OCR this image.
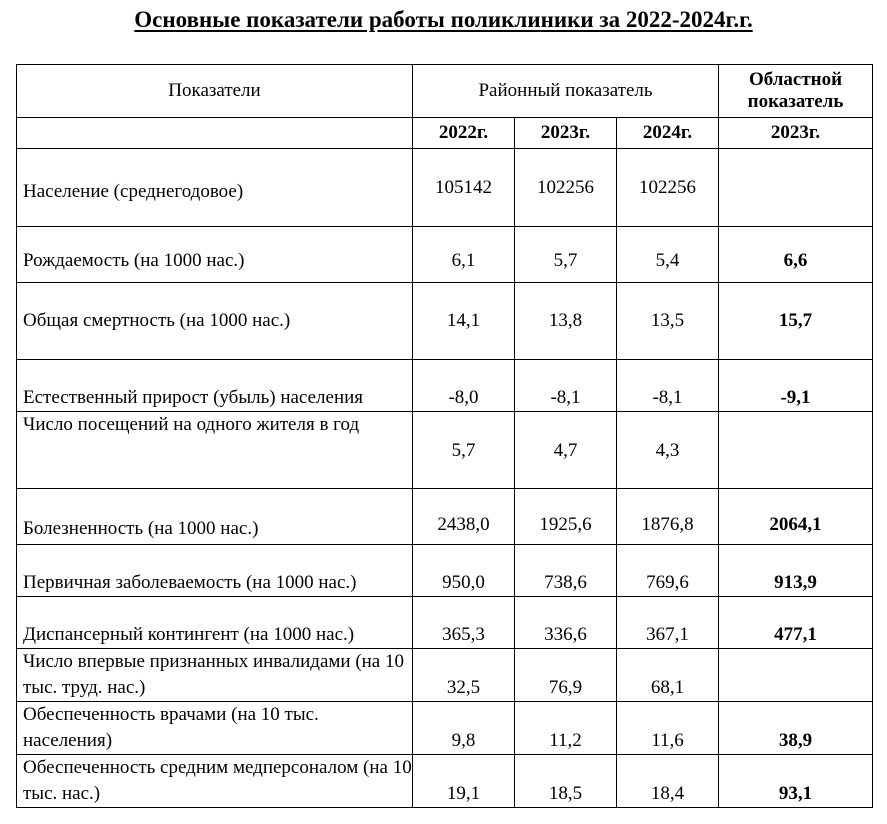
Основные показатели работы поликлиники за 2022-2024г.г.
Показатели	Районный показатель			Областной показатель
	2022г.	2023г.	2024г.	2023г.
Население (среднегодовое)	105142	102256	102256	
Рождаемость (на 1000 нас.)	6,1	5,7	5,4	6,6
Общая смертность (на 1000 нас.)	14,1	13,8	13,5	15,7
Естественный прирост (убыль) населения	-8,0	-8,1	-8,1	-9,1
Число посещений на одного жителя в год	5,7	4,7	4,3	
Болезненность (на 1000 нас.)	2438,0	1925,6	1876,8	2064,1
Первичная заболеваемость (на 1000 нас.)	950,0	738,6	769,6	913,9
Диспансерный контингент (на 1000 нас.)	365,3	336,6	367,1	477,1
Число впервые признанных инвалидами (на 10 тыс. труд. нас.)	32,5	76,9	68,1	
Обеспеченность врачами (на 10 тыс. населения)	9,8	11,2	11,6	38,9
Обеспеченность средним медперсоналом (на 10 тыс. нас.)	19,1	18,5	18,4	93,1
